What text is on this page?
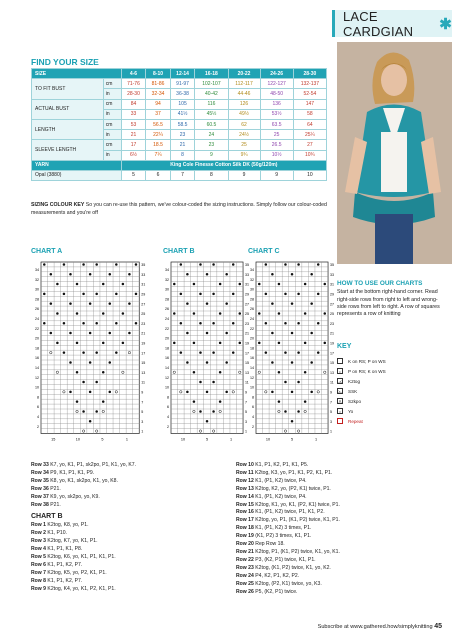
LACE CARDGIAN	✱
FIND YOUR SIZE
SIZE		4-6	8-10	12-14	16-18	20-22	24-26	28-30
TO FIT BUST	cm	71-76	81-86	91-97	102-107	112-117	122-127	132-137
	in	28-30	32-34	36-38	40-42	44-46	48-50	52-54
ACTUAL BUST	cm	84	94	105	116	126	136	147
	in	33	37	41½	45½	49½	53½	58
LENGTH	cm	53	56.5	58.5	60.5	62	63.5	64
	in	21	22¼	23	24	24½	25	25¼
SLEEVE LENGTH	cm	17	18.5	21	23	25	26.5	27
	in	6½	7¼	8	9	9¾	10½	10¾
YARN		King Cole Finesse Cotton Silk DK (50g/120m)						
Opal (3880)		5	6	7	8	9	9	10
SIZING COLOUR KEY So you can re-use this pattern, we've colour-coded the sizing instructions. Simply follow our colour-coded measurements and you're off
CHART A
35
34
33
32
31
30
29
28
27
26
25
24
23
22
21
20
19
18
17
16
15
14
13
12
11
10
9
8
7
6
5
4
3
2
1
15	10	5	1
CHART B
35
34
33
32
31
30
29
28
27
26
25
24
23
22
21
20
19
18
17
16
15
14
13
12
11
10
9
8
7
6
5
4
3
2
1
10	5	1
CHART C
35
34
33
32
31
30
29
28
27
26
25
24
23
22
21
20
19
18
17
16
15
14
13
12
11
10
9
8
7
6
5
4
3
2
1
10	5	1
HOW TO USE OUR CHARTS

Start at the bottom right-hand corner. Read right-side rows from right to left and wrong-side rows from left to right. A row of squares represents a row of knitting

KEY
K on RS; P on WS
•	P on RS; K on WS
⋌ K2tog
⋋ SSK
⋀ S2kpo
○	Yo
Repeat

Row 33 K7, yo, K1, P1, sk2po, P1, K1, yo, K7.

Row 34 P9, K1, P1, K1, P9.

Row 35 K8, yo, K1, sk2po, K1, yo, K8.

Row 36 P21.

Row 37 K9, yo, sk2po, yo, K9.

Row 38 P21.

CHART B

Row 1 K2tog, K8, yo, P1.

Row 2 K1, P10.

Row 3 K2tog, K7, yo, K1, P1.

Row 4 K1, P1, K1, P8.

Row 5 K2tog, K6, yo, K1, P1, K1, P1.

Row 6 K1, P1, K2, P7.

Row 7 K2tog, K5, yo, P2, K1, P1.

Row 8 K1, P1, K2, P7.

Row 9 K2tog, K4, yo, K1, P2, K1, P1.

Row 10 K1, P1, K2, P1, K1, P5.

Row 11 K2tog, K3, yo, P1, K1, P2, K1, P1.

Row 12 K1, (P1, K2) twice, P4.

Row 13 K2tog, K2, yo, (P2, K1) twice, P1.

Row 14 K1, (P1, K2) twice, P4.

Row 15 K2tog, K1, yo, K1, (P2, K1) twice, P1.

Row 16 K1, (P1, K2) twice, P1, K1, P2.

Row 17 K2tog, yo, P1, (K1, P2) twice, K1, P1.

Row 18 K1, (P1, K2) 3 times, P1.

Row 19 (K1, P2) 3 times, K1, P1.

Row 20 Rep Row 18.

Row 21 K2tog, P1, (K1, P2) twice, K1, yo, K1.

Row 22 P3, (K2, P1) twice, K1, P1.

Row 23 K2tog, (K1, P2) twice, K1, yo, K2.

Row 24 P4, K2, P1, K2, P2.

Row 25 K2tog, (P2, K1) twice, yo, K3.

Row 26 P5, (K2, P1) twice.

Subscribe at www.gathered.how/simplyknitting 45
